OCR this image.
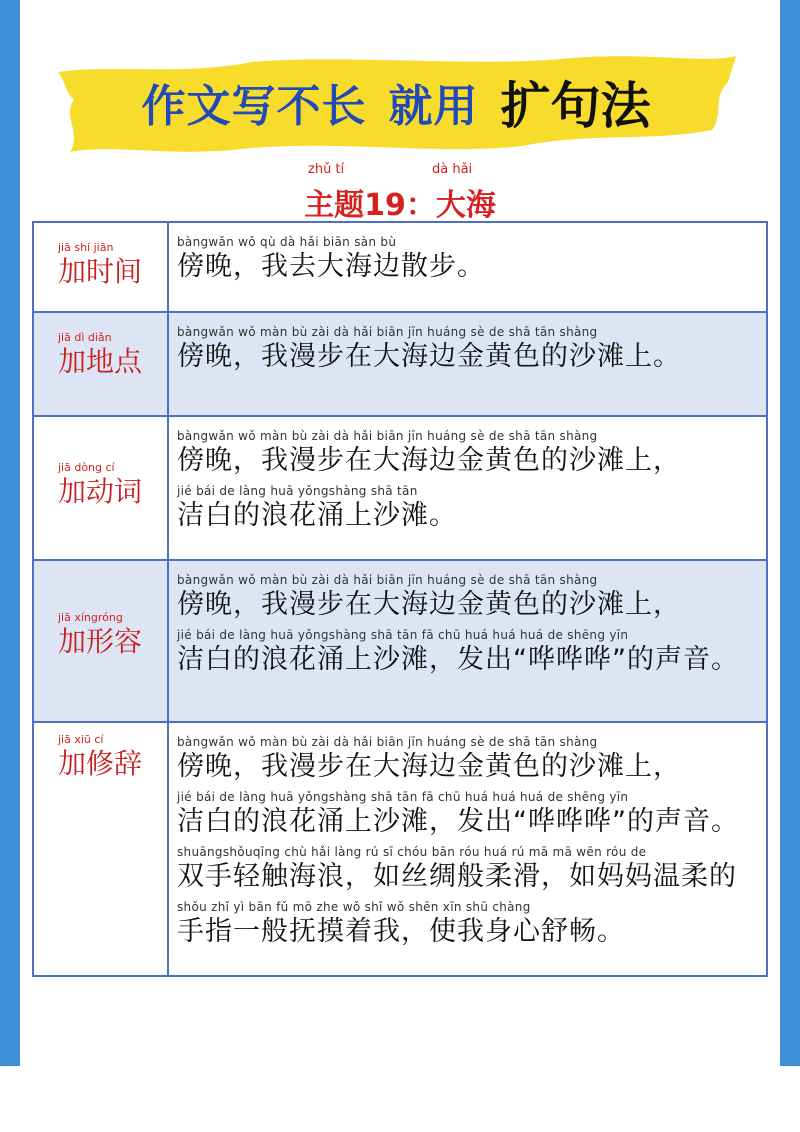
作文写不长 就用 扩句法
zhǔ tí	dà hǎi
主题19：大海
jiā shí jiān
加时间
bàngwǎn wǒ qù dà hǎi biān sàn bù
傍晚，我去大海边散步。
jiā dì diǎn
加地点
bàngwǎn wǒ màn bù zài dà hǎi biān jīn huáng sè de shā tān shàng
傍晚，我漫步在大海边金黄色的沙滩上。
jiā dòng cí
加动词
bàngwǎn wǒ màn bù zài dà hǎi biān jīn huáng sè de shā tān shàng
傍晚，我漫步在大海边金黄色的沙滩上，
jié bái de làng huā yǒngshàng shā tān
洁白的浪花涌上沙滩。
jiā xíngróng
加形容
bàngwǎn wǒ màn bù zài dà hǎi biān jīn huáng sè de shā tān shàng
傍晚，我漫步在大海边金黄色的沙滩上，
jié bái de làng huā yǒngshàng shā tān fā chū huá huá huá de shēng yīn
洁白的浪花涌上沙滩，发出“哗哗哗”的声音。
jiā xiū cí
加修辞
bàngwǎn wǒ màn bù zài dà hǎi biān jīn huáng sè de shā tān shàng
傍晚，我漫步在大海边金黄色的沙滩上，
jié bái de làng huā yǒngshàng shā tān fā chū huá huá huá de shēng yīn
洁白的浪花涌上沙滩，发出“哗哗哗”的声音。
shuāngshǒuqīng chù hǎi làng rú sī chóu bān róu huá rú mā mā wēn róu de
双手轻触海浪，如丝绸般柔滑，如妈妈温柔的
shǒu zhǐ yì bān fǔ mō zhe wǒ shǐ wǒ shēn xīn shū chàng
手指一般抚摸着我，使我身心舒畅。
